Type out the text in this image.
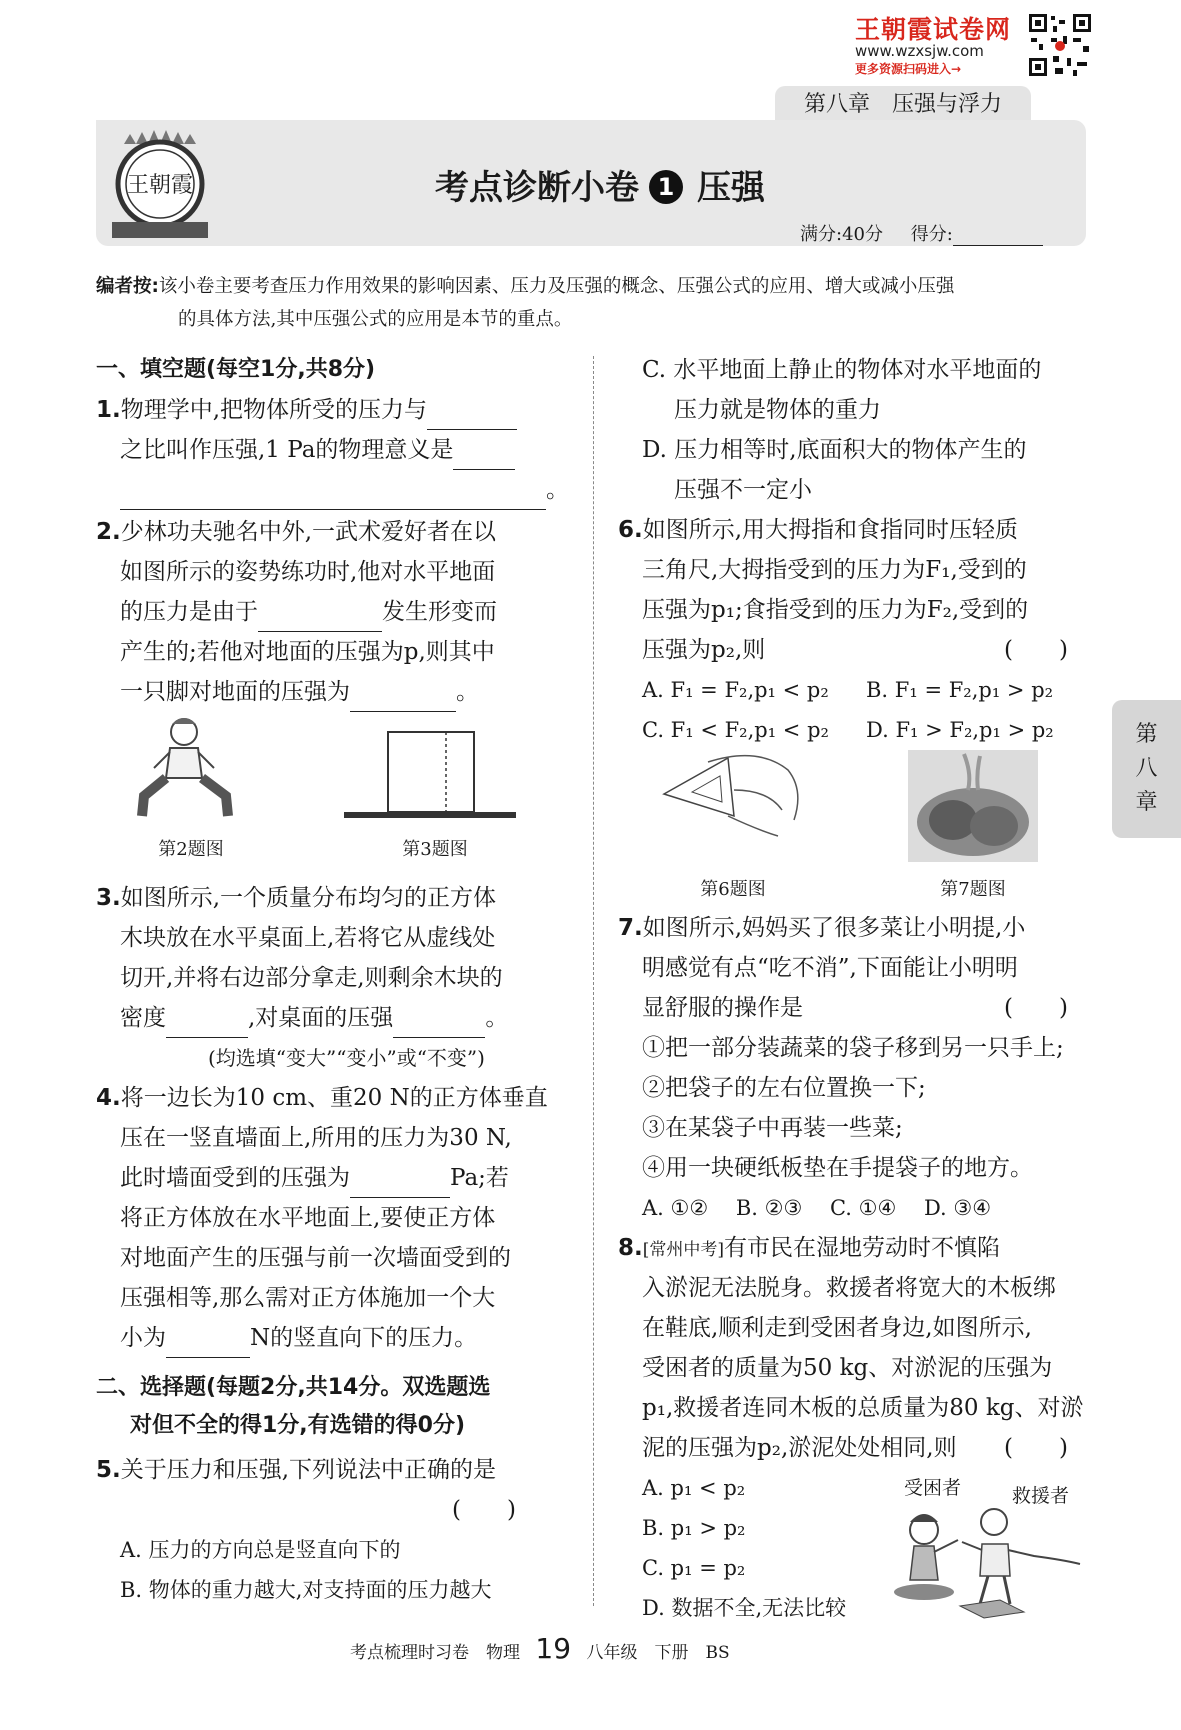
王朝霞试卷网
www.wzxsjw.com
更多资源扫码进入→
第八章　压强与浮力
王朝霞	考点诊断小卷 1 压强
满分:40分 得分:
编者按:该小卷主要考查压力作用效果的影响因素、压力及压强的概念、压强公式的应用、增大或减小压强
的具体方法,其中压强公式的应用是本节的重点。
一、填空题(每空1分,共8分)
1.物理学中,把物体所受的压力与
之比叫作压强,1 Pa的物理意义是
。
2.少林功夫驰名中外,一武术爱好者在以
如图所示的姿势练功时,他对水平地面
的压力是由于	发生形变而
产生的;若他对地面的压强为p,则其中
一只脚对地面的压强为	。
第2题图	第3题图
3.如图所示,一个质量分布均匀的正方体
木块放在水平桌面上,若将它从虚线处
切开,并将右边部分拿走,则剩余木块的
密度	,对桌面的压强	。
(均选填“变大”“变小”或“不变”)
4.将一边长为10 cm、重20 N的正方体垂直
压在一竖直墙面上,所用的压力为30 N,
此时墙面受到的压强为	Pa;若
将正方体放在水平地面上,要使正方体
对地面产生的压强与前一次墙面受到的
压强相等,那么需对正方体施加一个大
小为	N的竖直向下的压力。
二、选择题(每题2分,共14分。双选题选
对但不全的得1分,有选错的得0分)
5.关于压力和压强,下列说法中正确的是
(　　)
A. 压力的方向总是竖直向下的
B. 物体的重力越大,对支持面的压力越大
C. 水平地面上静止的物体对水平地面的
压力就是物体的重力
D. 压力相等时,底面积大的物体产生的
压强不一定小
6.如图所示,用大拇指和食指同时压轻质
三角尺,大拇指受到的压力为F₁,受到的
压强为p₁;食指受到的压力为F₂,受到的
压强为p₂,则	(　　)
A. F₁ = F₂,p₁ < p₂ B. F₁ = F₂,p₁ > p₂
C. F₁ < F₂,p₁ < p₂ D. F₁ > F₂,p₁ > p₂
第6题图	第7题图
7.如图所示,妈妈买了很多菜让小明提,小
明感觉有点“吃不消”,下面能让小明明
显舒服的操作是	(　　)
①把一部分装蔬菜的袋子移到另一只手上;
②把袋子的左右位置换一下;
③在某袋子中再装一些菜;
④用一块硬纸板垫在手提袋子的地方。
A. ①②　 B. ②③　 C. ①④　 D. ③④
8.[常州中考]有市民在湿地劳动时不慎陷
入淤泥无法脱身。救援者将宽大的木板绑
在鞋底,顺利走到受困者身边,如图所示,
受困者的质量为50 kg、对淤泥的压强为
p₁,救援者连同木板的总质量为80 kg、对淤
泥的压强为p₂,淤泥处处相同,则 (　　)
A. p₁ < p₂
B. p₁ > p₂
C. p₁ = p₂
D. 数据不全,无法比较
受困者	救援者
第
八
章
考点梳理时习卷　物理 19 八年级　下册　BS
